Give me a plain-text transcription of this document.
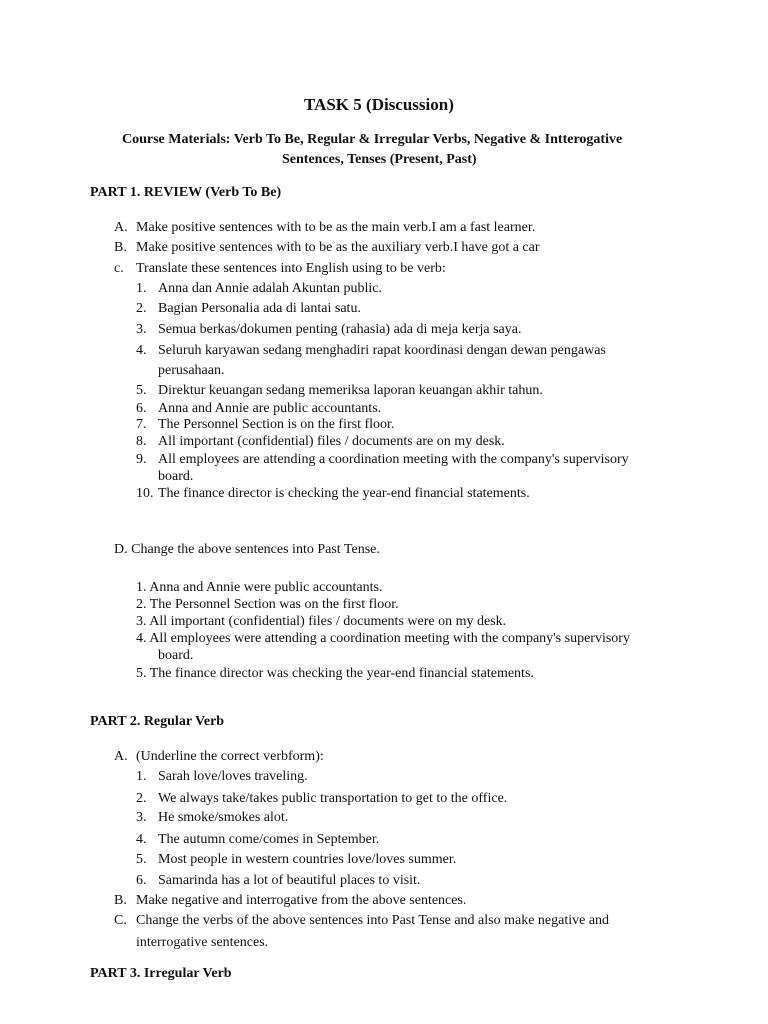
TASK 5 (Discussion)
Course Materials: Verb To Be, Regular & Irregular Verbs, Negative & Intterogative
Sentences, Tenses (Present, Past)
PART 1. REVIEW (Verb To Be)
A. Make positive sentences with to be as the main verb.I am a fast learner.
B. Make positive sentences with to be as the auxiliary verb.I have got a car
c. Translate these sentences into English using to be verb:
1. Anna dan Annie adalah Akuntan public.
2. Bagian Personalia ada di lantai satu.
3. Semua berkas/dokumen penting (rahasia) ada di meja kerja saya.
4. Seluruh karyawan sedang menghadiri rapat koordinasi dengan dewan pengawas
perusahaan.
5. Direktur keuangan sedang memeriksa laporan keuangan akhir tahun.
6. Anna and Annie are public accountants.
7. The Personnel Section is on the first floor.
8. All important (confidential) files / documents are on my desk.
9. All employees are attending a coordination meeting with the company's supervisory
board.
10. The finance director is checking the year-end financial statements.
D. Change the above sentences into Past Tense.
1. Anna and Annie were public accountants.
2. The Personnel Section was on the first floor.
3. All important (confidential) files / documents were on my desk.
4. All employees were attending a coordination meeting with the company's supervisory
board.
5. The finance director was checking the year-end financial statements.
PART 2. Regular Verb
A. (Underline the correct verbform):
1. Sarah love/loves traveling.
2. We always take/takes public transportation to get to the office.
3. He smoke/smokes alot.
4. The autumn come/comes in September.
5. Most people in western countries love/loves summer.
6. Samarinda has a lot of beautiful places to visit.
B. Make negative and interrogative from the above sentences.
C. Change the verbs of the above sentences into Past Tense and also make negative and
interrogative sentences.
PART 3. Irregular Verb
